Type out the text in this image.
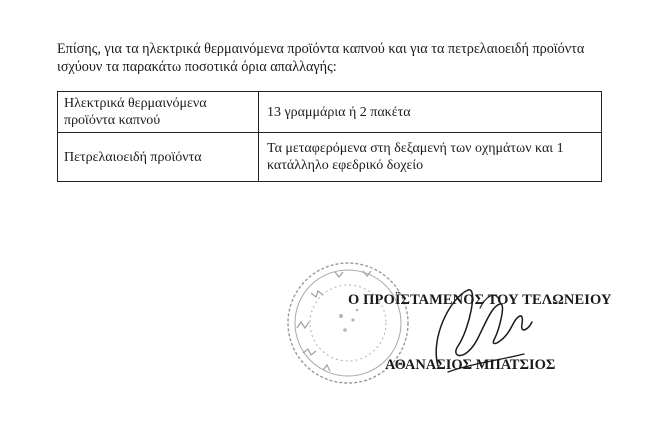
Επίσης, για τα ηλεκτρικά θερμαινόμενα προϊόντα καπνού και για τα πετρελαιοειδή προϊόντα ισχύουν τα παρακάτω ποσοτικά όρια απαλλαγής:

Ηλεκτρικά θερμαινόμενα προϊόντα καπνού	13 γραμμάρια ή 2 πακέτα
Πετρελαιοειδή προϊόντα	Τα μεταφερόμενα στη δεξαμενή των οχημάτων και 1 κατάλληλο εφεδρικό δοχείο
Ο ΠΡΟΪΣΤΑΜΕΝΟΣ ΤΟΥ ΤΕΛΩΝΕΙΟΥ
ΑΘΑΝΑΣΙΟΣ ΜΠΑΤΣΙΟΣ
